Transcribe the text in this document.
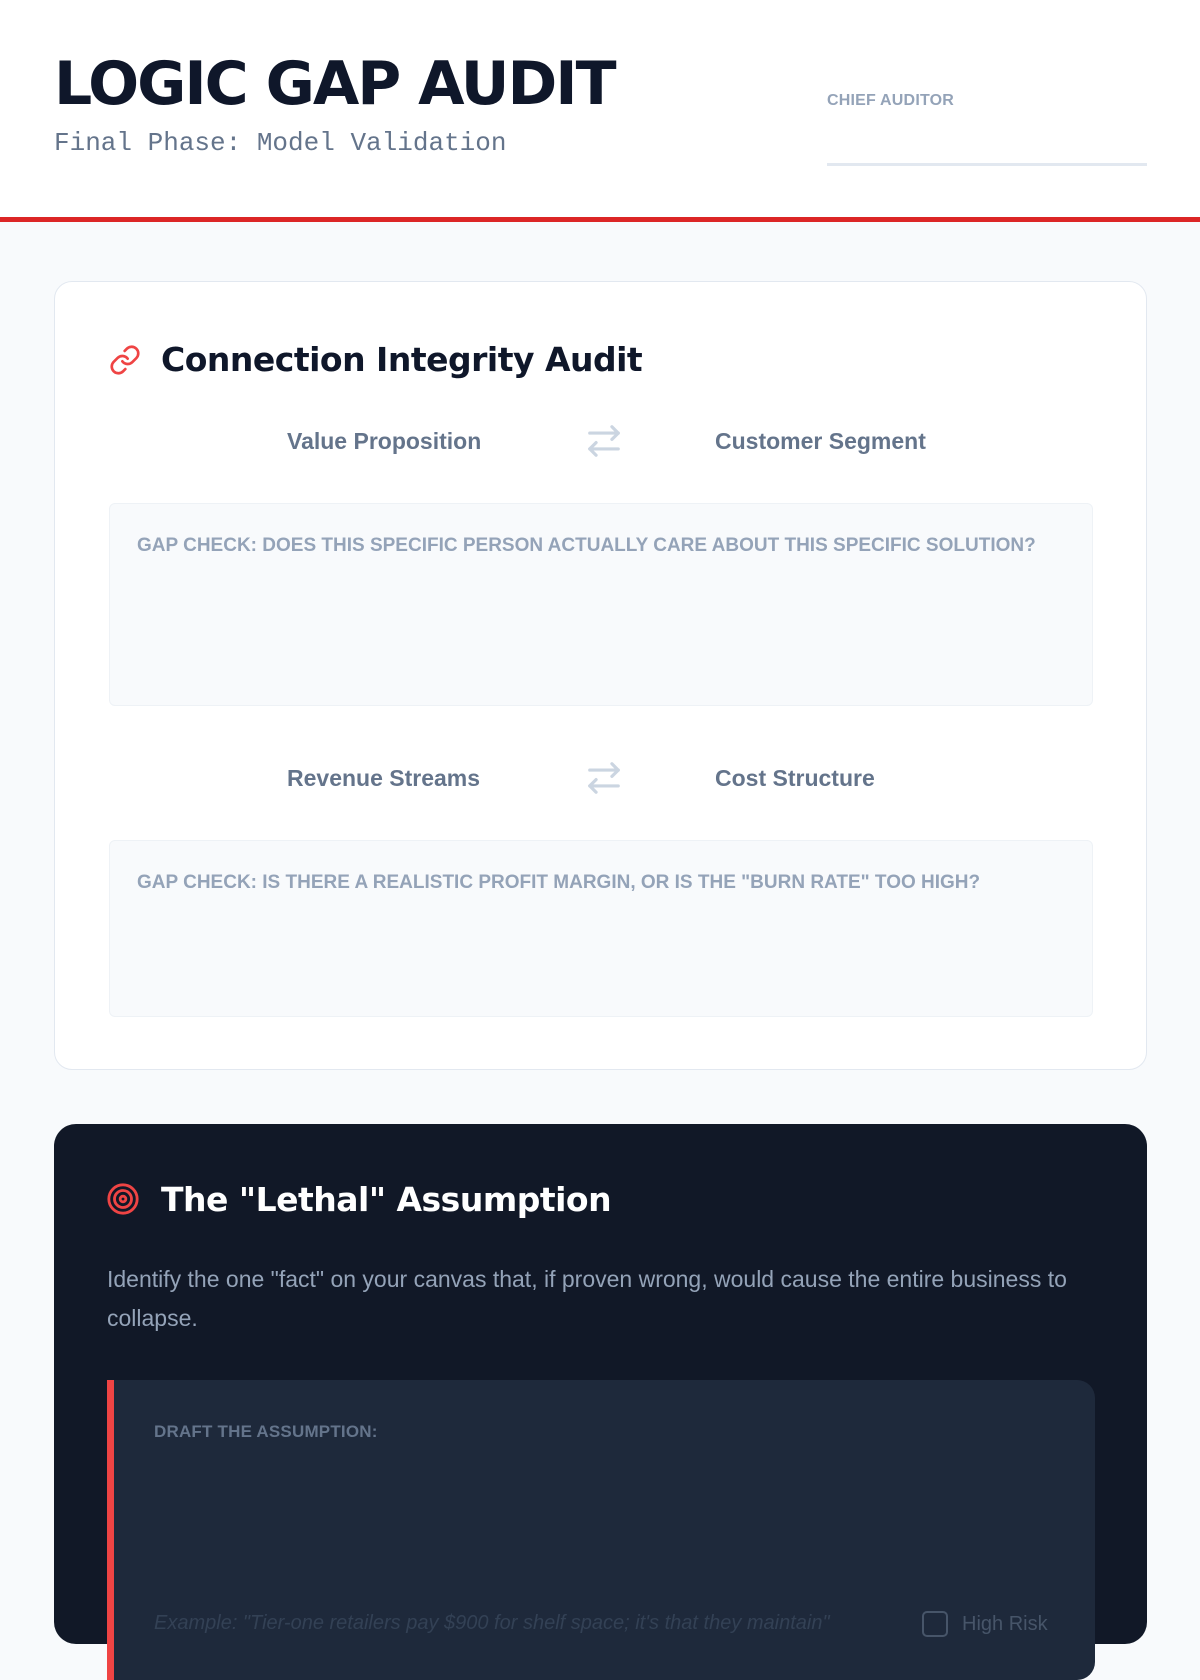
LOGIC GAP AUDIT
Final Phase: Model Validation
CHIEF AUDITOR
Connection Integrity Audit
Value Proposition	Customer Segment
Gap Check: Does this specific person actually care about this specific solution?
Revenue Streams	Cost Structure
Gap Check: Is there a realistic profit margin, or is the "burn rate" too high?
The "Lethal" Assumption
Identify the one "fact" on your canvas that, if proven wrong, would cause the entire business to collapse.
DRAFT THE ASSUMPTION:
Example: "Tier-one retailers pay $900 for shelf space; it's that they maintain"	High Risk
